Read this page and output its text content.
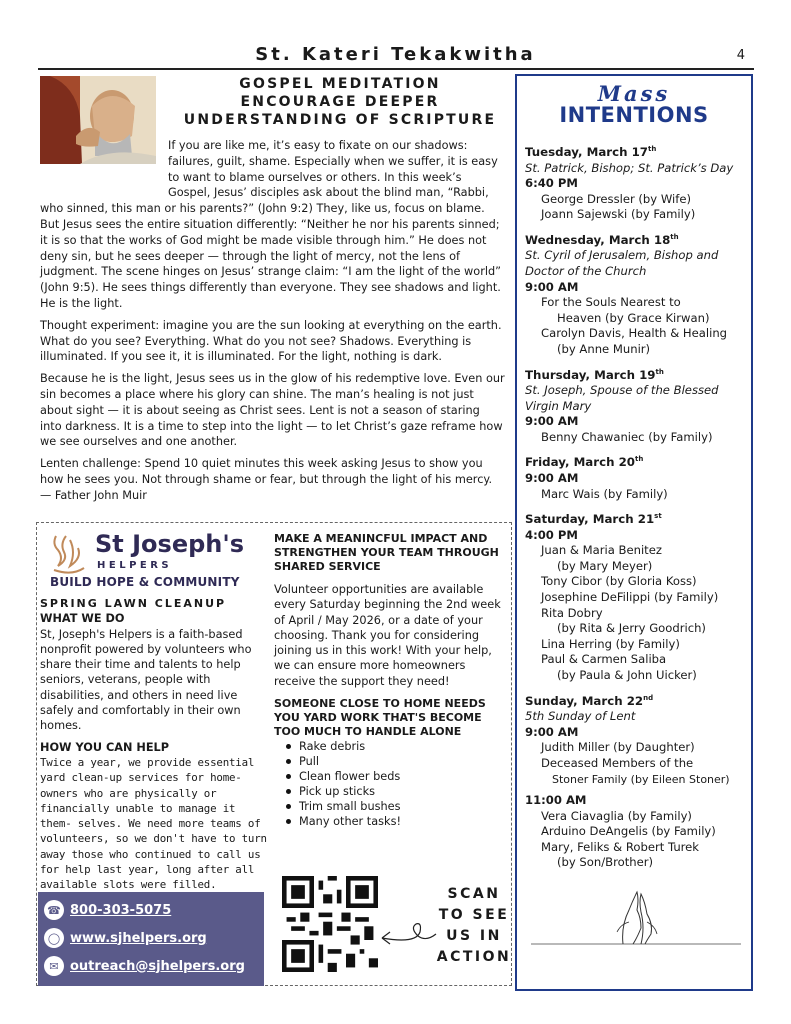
St. Kateri Tekakwitha	4
GOSPEL MEDITATION
ENCOURAGE DEEPER
UNDERSTANDING OF SCRIPTURE

If you are like me, it’s easy to fixate on our shadows: failures, guilt, shame. Especially when we suffer, it is easy to want to blame ourselves or others. In this week’s Gospel, Jesus’ disciples ask about the blind man, “Rabbi, who sinned, this man or his parents?” (John 9:2) They, like us, focus on blame. But Jesus sees the entire situation differently: “Neither he nor his parents sinned; it is so that the works of God might be made visible through him.” He does not deny sin, but he sees deeper — through the light of mercy, not the lens of judgment. The scene hinges on Jesus’ strange claim: “I am the light of the world” (John 9:5). He sees things differently than everyone. They see shadows and light. He is the light.

Thought experiment: imagine you are the sun looking at everything on the earth. What do you see? Everything. What do you not see? Shadows. Everything is illuminated. If you see it, it is illuminated. For the light, nothing is dark.

Because he is the light, Jesus sees us in the glow of his redemptive love. Even our sin becomes a place where his glory can shine. The man’s healing is not just about sight — it is about seeing as Christ sees. Lent is not a season of staring into darkness. It is a time to step into the light — to let Christ’s gaze reframe how we see ourselves and one another.

Lenten challenge: Spend 10 quiet minutes this week asking Jesus to show you how he sees you. Not through shame or fear, but through the light of his mercy. — Father John Muir

Mass
INTENTIONS
Tuesday, March 17th
St. Patrick, Bishop; St. Patrick’s Day
6:40 PM
George Dressler (by Wife)
Joann Sajewski (by Family)
Wednesday, March 18th
St. Cyril of Jerusalem, Bishop and Doctor of the Church
9:00 AM
For the Souls Nearest to
Heaven (by Grace Kirwan)
Carolyn Davis, Health & Healing
(by Anne Munir)
Thursday, March 19th
St. Joseph, Spouse of the Blessed Virgin Mary
9:00 AM
Benny Chawaniec (by Family)
Friday, March 20th
9:00 AM
Marc Wais (by Family)
Saturday, March 21st
4:00 PM
Juan & Maria Benitez
(by Mary Meyer)
Tony Cibor (by Gloria Koss)
Josephine DeFilippi (by Family)
Rita Dobry
(by Rita & Jerry Goodrich)
Lina Herring (by Family)
Paul & Carmen Saliba
(by Paula & John Uicker)
Sunday, March 22nd
5th Sunday of Lent
9:00 AM
Judith Miller (by Daughter)
Deceased Members of the
Stoner Family (by Eileen Stoner)
11:00 AM
Vera Ciavaglia (by Family)
Arduino DeAngelis (by Family)
Mary, Feliks & Robert Turek
(by Son/Brother)
St Joseph's
HELPERS
BUILD HOPE & COMMUNITY
SPRING LAWN CLEANUP
WHAT WE DO
St, Joseph's Helpers is a faith-based nonprofit powered by volunteers who share their time and talents to help seniors, veterans, people with disabilities, and others in need live safely and comfortably in their own homes.
HOW YOU CAN HELP
Twice a year, we provide essential yard clean-up services for home-owners who are physically or financially unable to manage it them- selves. We need more teams of volunteers, so we don't have to turn away those who continued to call us for help last year, long after all available slots were filled.
☎ 800-303-5075
◯ www.sjhelpers.org
✉ outreach@sjhelpers.org
MAKE A MEANINCFUL IMPACT AND STRENGTHEN YOUR TEAM THROUGH SHARED SERVICE
Volunteer opportunities are available every Saturday beginning the 2nd week of April / May 2026, or a date of your choosing. Thank you for considering joining us in this work! With your help, we can ensure more homeowners receive the support they need!
SOMEONE CLOSE TO HOME NEEDS YOU YARD WORK THAT'S BECOME TOO MUCH TO HANDLE ALONE
Rake debris
Pull
Clean flower beds
Pick up sticks
Trim small bushes
Many other tasks!
SCAN
TO SEE
US IN
ACTION
